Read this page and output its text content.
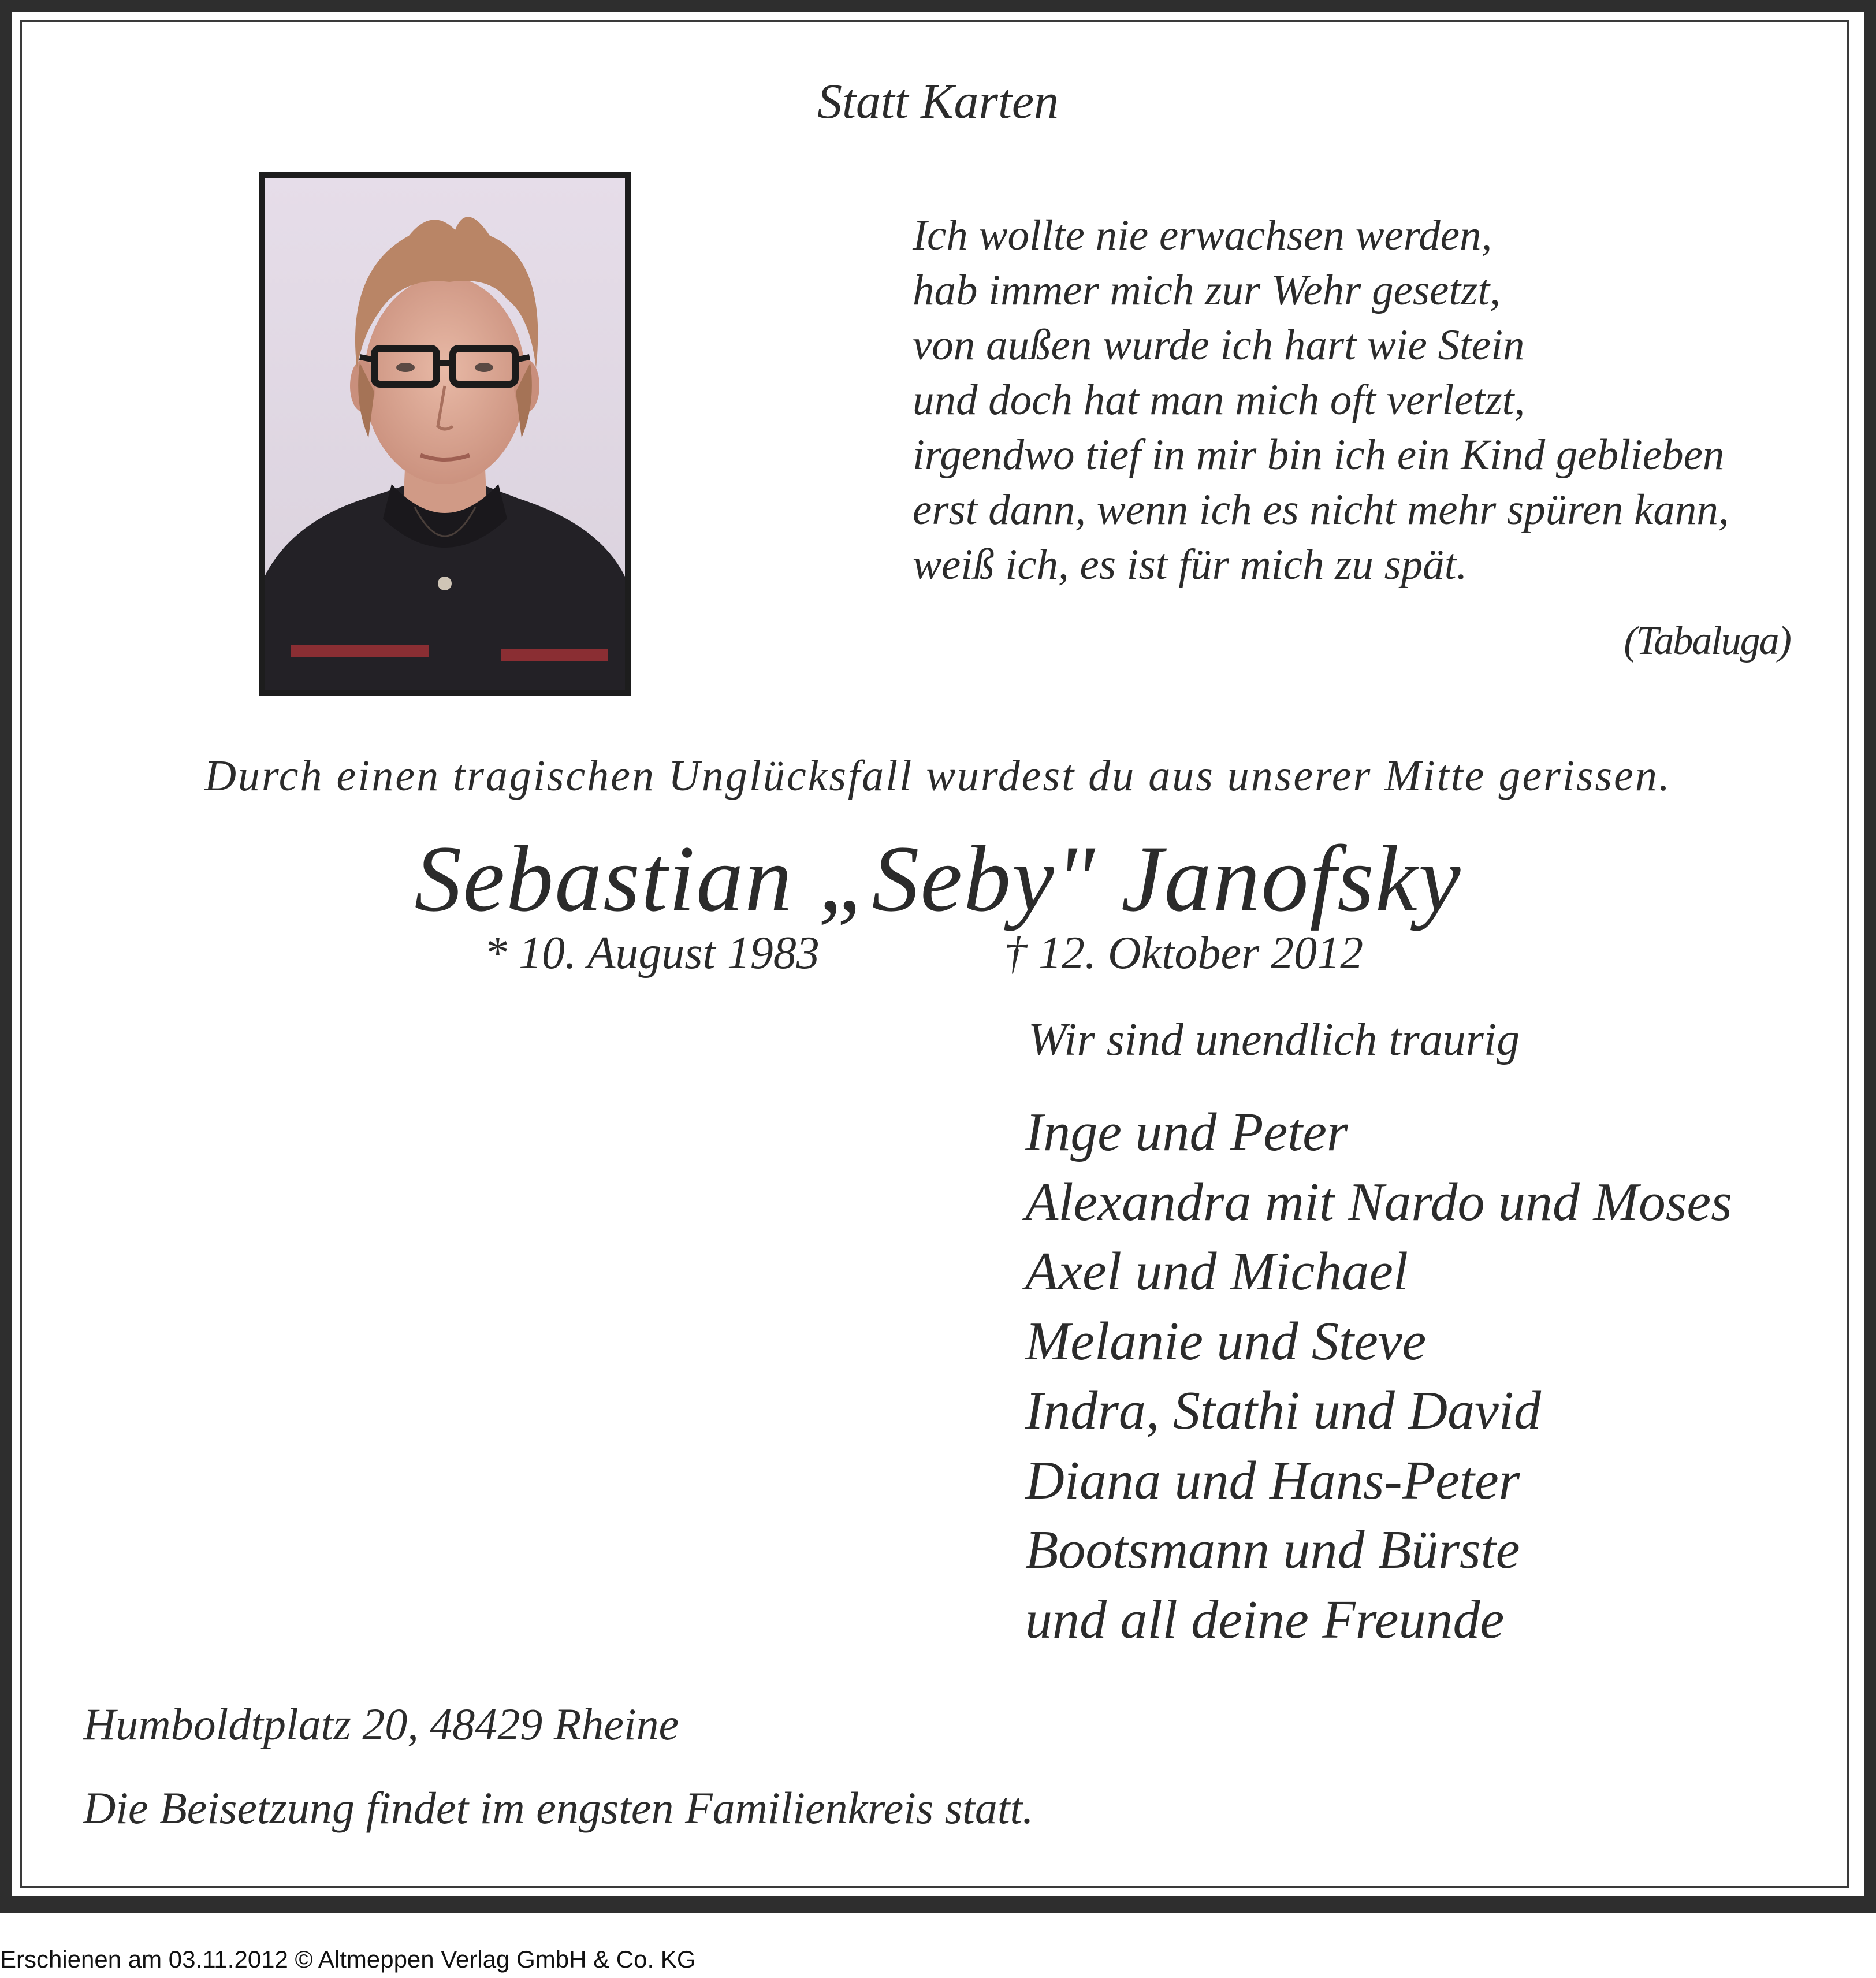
Statt Karten
Ich wollte nie erwachsen werden,
hab immer mich zur Wehr gesetzt,
von außen wurde ich hart wie Stein
und doch hat man mich oft verletzt,
irgendwo tief in mir bin ich ein Kind geblieben
erst dann, wenn ich es nicht mehr spüren kann,
weiß ich, es ist für mich zu spät.
(Tabaluga)
Durch einen tragischen Unglücksfall wurdest du aus unserer Mitte gerissen.
Sebastian „Seby" Janofsky
* 10. August 1983	† 12. Oktober 2012
Wir sind unendlich traurig
Inge und Peter
Alexandra mit Nardo und Moses
Axel und Michael
Melanie und Steve
Indra, Stathi und David
Diana und Hans-Peter
Bootsmann und Bürste
und all deine Freunde
Humboldtplatz 20, 48429 Rheine
Die Beisetzung findet im engsten Familienkreis statt.
Erschienen am 03.11.2012 © Altmeppen Verlag GmbH & Co. KG
